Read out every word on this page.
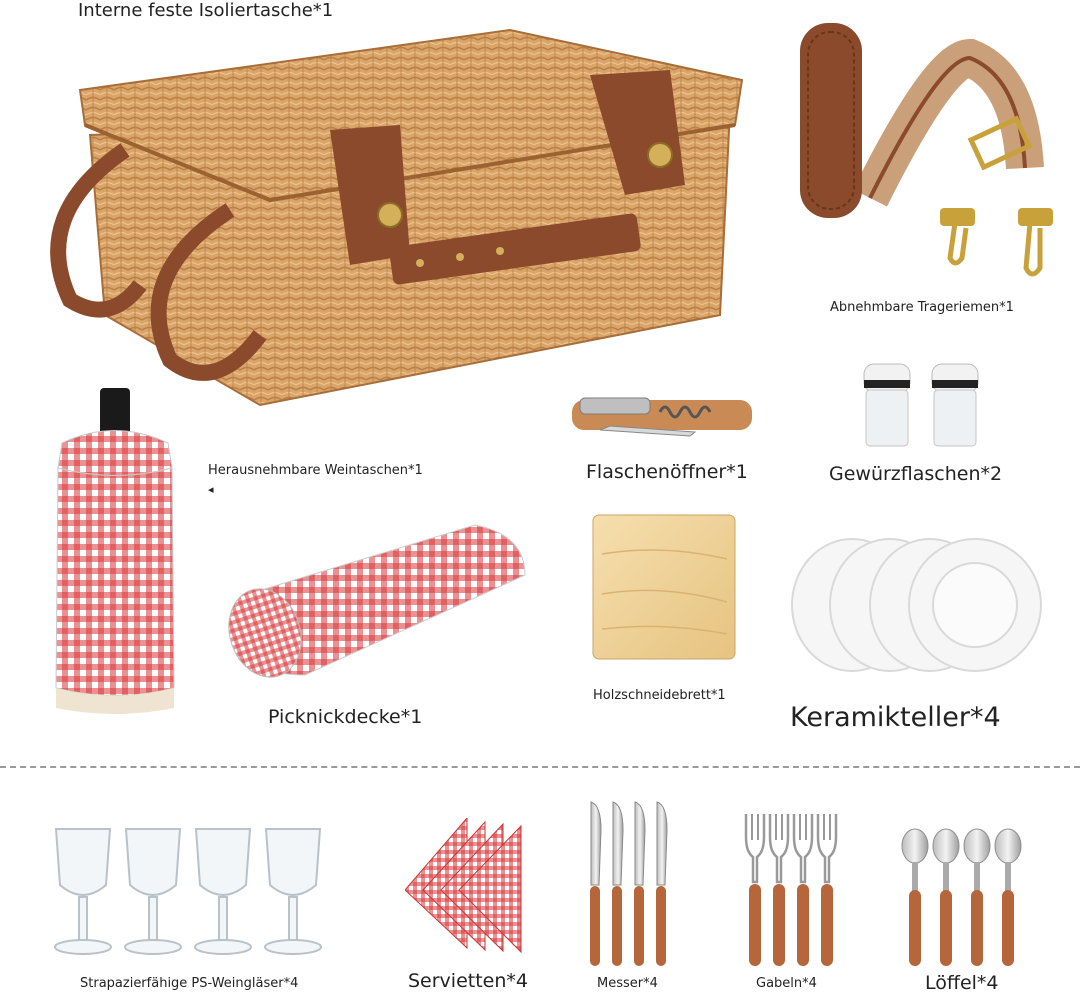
Interne feste Isoliertasche*1
Abnehmbare Trageriemen*1
Herausnehmbare Weintaschen*1
◂
Flaschenöffner*1	Gewürzflaschen*2
Picknickdecke*1
Holzschneidebrett*1
Keramikteller*4
Strapazierfähige PS-Weingläser*4	Servietten*4	Messer*4	Gabeln*4	Löffel*4
